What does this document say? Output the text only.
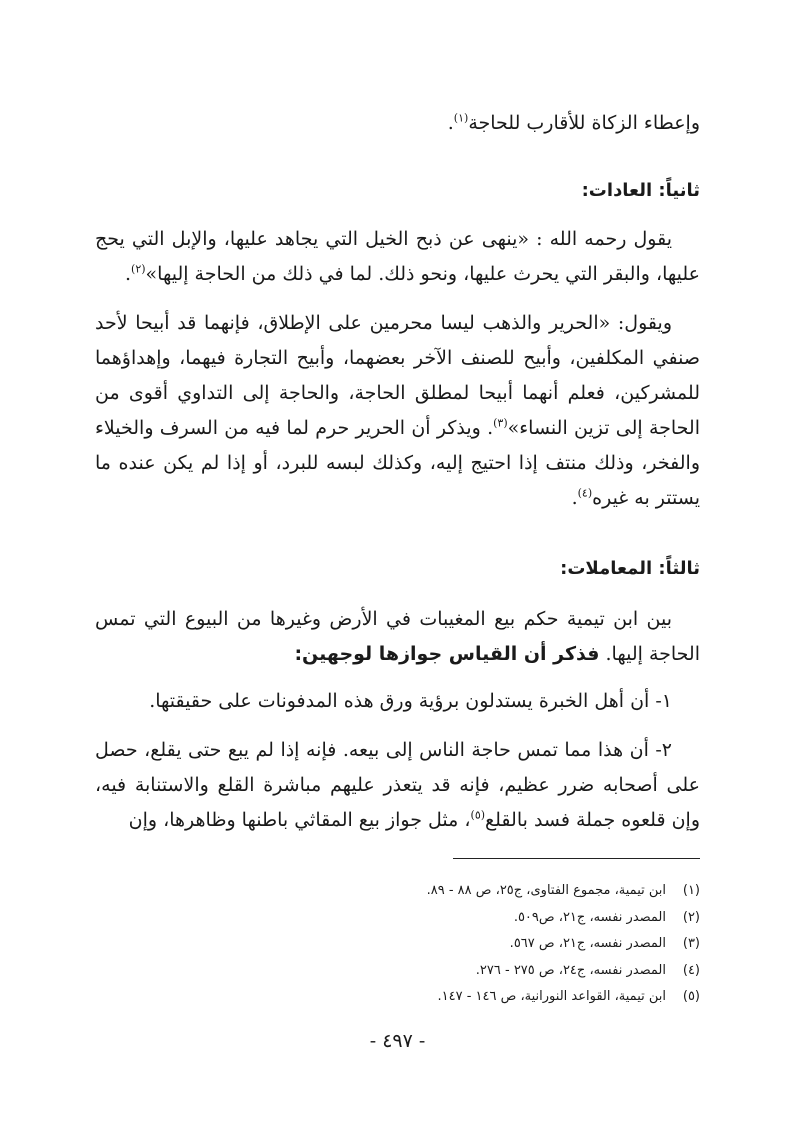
وإعطاء الزكاة للأقارب للحاجة$^{(١)}$.

ثانياً: العادات:

يقول رحمه الله : «ينهى عن ذبح الخيل التي يجاهد عليها، والإبل التي يحج عليها، والبقر التي يحرث عليها، ونحو ذلك. لما في ذلك من الحاجة إليها»$^{(٢)}$.

ويقول: «الحرير والذهب ليسا محرمين على الإطلاق، فإنهما قد أبيحا لأحد صنفي المكلفين، وأبيح للصنف الآخر بعضهما، وأبيح التجارة فيهما، وإهداؤهما للمشركين، فعلم أنهما أبيحا لمطلق الحاجة، والحاجة إلى التداوي أقوى من الحاجة إلى تزين النساء»$^{(٣)}$. ويذكر أن الحرير حرم لما فيه من السرف والخيلاء والفخر، وذلك منتف إذا احتيج إليه، وكذلك لبسه للبرد، أو إذا لم يكن عنده ما يستتر به غيره$^{(٤)}$.

ثالثاً: المعاملات:

بين ابن تيمية حكم بيع المغيبات في الأرض وغيرها من البيوع التي تمس الحاجة إليها. فذكر أن القياس جوازها لوجهين:

١- أن أهل الخبرة يستدلون برؤية ورق هذه المدفونات على حقيقتها.

٢- أن هذا مما تمس حاجة الناس إلى بيعه. فإنه إذا لم يبع حتى يقلع، حصل على أصحابه ضرر عظيم، فإنه قد يتعذر عليهم مباشرة القلع والاستنابة فيه، وإن قلعوه جملة فسد بالقلع$^{(٥)}$، مثل جواز بيع المقاثي باطنها وظاهرها، وإن

(١)
ابن تيمية، مجموع الفتاوى، ج٢٥، ص ٨٨ - ٨٩.
(٢)
المصدر نفسه، ج٢١، ص٥٠٩.
(٣)
المصدر نفسه، ج٢١، ص ٥٦٧.
(٤)
المصدر نفسه، ج٢٤، ص ٢٧٥ - ٢٧٦.
(٥)
ابن تيمية، القواعد النورانية، ص ١٤٦ - ١٤٧.
- ٤٩٧ -
